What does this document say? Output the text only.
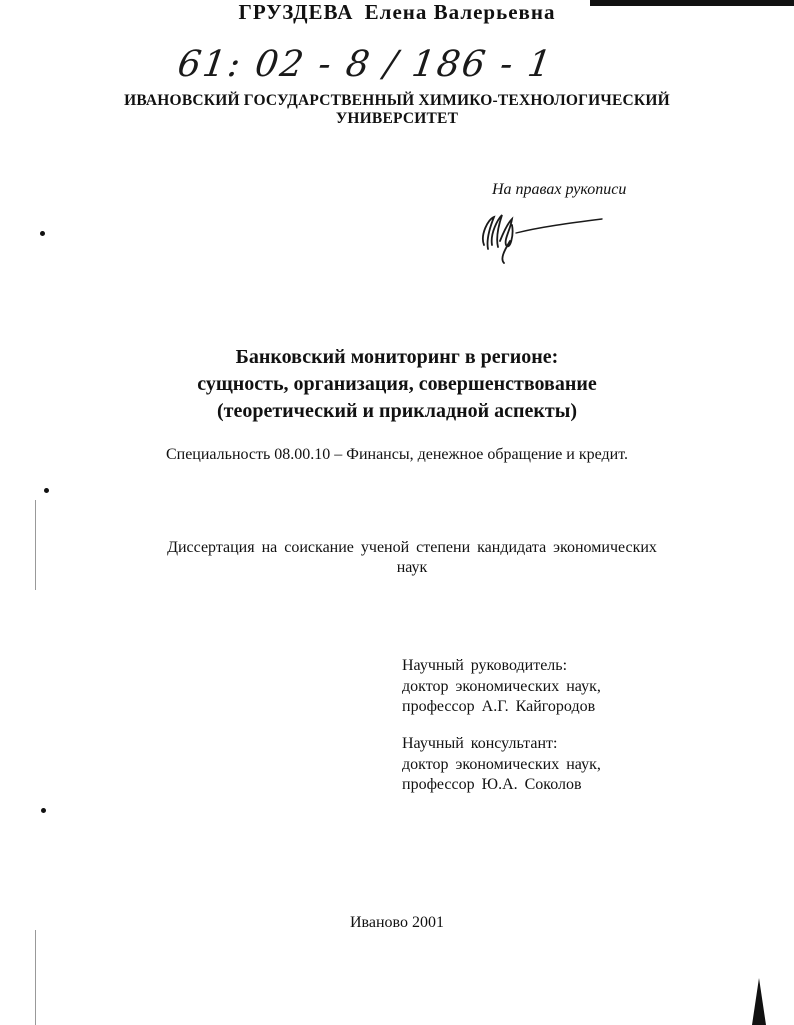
61: 02 - 8 / 186 - 1
ИВАНОВСКИЙ ГОСУДАРСТВЕННЫЙ ХИМИКО-ТЕХНОЛОГИЧЕСКИЙ
УНИВЕРСИТЕТ
На правах рукописи
ГРУЗДЕВА Елена Валерьевна
Банковский мониторинг в регионе:
сущность, организация, совершенствование
(теоретический и прикладной аспекты)
Специальность 08.00.10 – Финансы, денежное обращение и кредит.
Диссертация на соискание ученой степени кандидата экономических
наук
Научный руководитель:
доктор экономических наук,
профессор А.Г. Кайгородов
Научный консультант:
доктор экономических наук,
профессор Ю.А. Соколов
Иваново 2001
